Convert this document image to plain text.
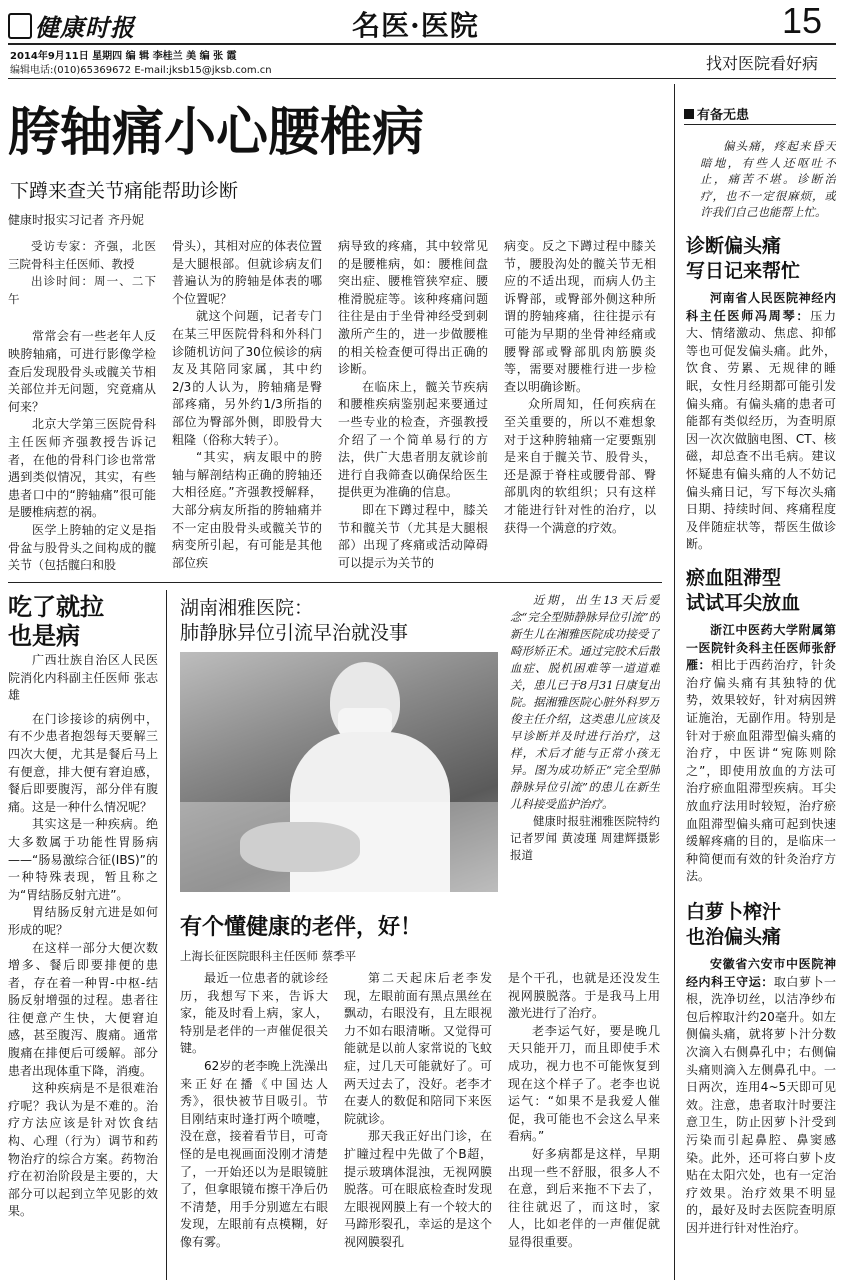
健康时报	名医·医院	15
2014年9月11日 星期四 编 辑 李桂兰 美 编 张 霞
编辑电话:(010)65369672 E-mail:jksb15@jksb.com.cn	找对医院看好病
胯轴痛小心腰椎病
下蹲来查关节痛能帮助诊断
健康时报实习记者 齐丹妮

受访专家：齐强，北医三院骨科主任医师、教授

出诊时间：周一、二下午

常常会有一些老年人反映胯轴痛，可进行影像学检查后发现股骨头或髋关节相关部位并无问题，究竟痛从何来？

北京大学第三医院骨科主任医师齐强教授告诉记者，在他的骨科门诊也常常遇到类似情况，其实，有些患者口中的“胯轴痛”很可能是腰椎病惹的祸。

医学上胯轴的定义是指骨盆与股骨头之间构成的髋关节（包括髋臼和股

骨头），其相对应的体表位置是大腿根部。但就诊病友们普遍认为的胯轴是体表的哪个位置呢？

就这个问题，记者专门在某三甲医院骨科和外科门诊随机访问了30位候诊的病友及其陪同家属，其中约2/3的人认为，胯轴痛是臀部疼痛，另外约1/3所指的部位为臀部外侧，即股骨大粗隆（俗称大转子）。

“其实，病友眼中的胯轴与解剖结构正确的胯轴还大相径庭。”齐强教授解释，大部分病友所指的胯轴痛并不一定由股骨头或髋关节的病变所引起，有可能是其他部位疾

病导致的疼痛，其中较常见的是腰椎病，如：腰椎间盘突出症、腰椎管狭窄症、腰椎滑脱症等。该种疼痛问题往往是由于坐骨神经受到刺激所产生的，进一步做腰椎的相关检查便可得出正确的诊断。

在临床上，髋关节疾病和腰椎疾病鉴别起来要通过一些专业的检查，齐强教授介绍了一个简单易行的方法，供广大患者朋友就诊前进行自我筛查以确保给医生提供更为准确的信息。

即在下蹲过程中，膝关节和髋关节（尤其是大腿根部）出现了疼痛或活动障碍可以提示为关节的

病变。反之下蹲过程中膝关节，腰股沟处的髋关节无相应的不适出现，而病人仍主诉臀部，或臀部外侧这种所谓的胯轴疼痛，往往提示有可能为早期的坐骨神经痛或腰臀部或臀部肌肉筋膜炎等，需要对腰椎行进一步检查以明确诊断。

众所周知，任何疾病在至关重要的，所以不难想象对于这种胯轴痛一定要甄别是来自于髋关节、股骨头，还是源于脊柱或腰骨部、臀部肌肉的软组织；只有这样才能进行针对性的治疗，以获得一个满意的疗效。

吃了就拉
也是病

广西壮族自治区人民医院消化内科副主任医师 张志雄

在门诊接诊的病例中，有不少患者抱怨每天要解三四次大便，尤其是餐后马上有便意，排大便有窘迫感，餐后即要腹泻，部分伴有腹痛。这是一种什么情况呢？

其实这是一种疾病。绝大多数属于功能性胃肠病——“肠易激综合征(IBS)”的一种特殊表现，暂且称之为“胃结肠反射亢进”。

胃结肠反射亢进是如何形成的呢？

在这样一部分大便次数增多、餐后即要排便的患者，存在着一种胃-中枢-结肠反射增强的过程。患者往往便意产生快，大便窘迫感，甚至腹泻、腹痛。通常腹痛在排便后可缓解。部分患者出现体重下降，消瘦。

这种疾病是不是很难治疗呢？我认为是不难的。治疗方法应该是针对饮食结构、心理（行为）调节和药物治疗的综合方案。药物治疗在初治阶段是主要的，大部分可以起到立竿见影的效果。

湖南湘雅医院：
肺静脉异位引流早治就没事

近期，出生13天后爱念“完全型肺静脉异位引流”的新生儿在湘雅医院成功接受了畸形矫正术。通过完胶术后散血症、脱机困难等一道道难关，患儿已于8月31日康复出院。据湘雅医院心脏外科罗万俊主任介绍，这类患儿应该及早诊断并及时进行治疗，这样，术后才能与正常小孩无异。图为成功矫正“完全型肺静脉异位引流”的患儿在新生儿科接受监护治疗。

健康时报驻湘雅医院特约记者罗闻 黄凌瑾 周建辉摄影报道

有个懂健康的老伴，好！
上海长征医院眼科主任医师 蔡季平

最近一位患者的就诊经历，我想写下来，告诉大家，能及时看上病，家人，特别是老伴的一声催促很关键。

62岁的老李晚上洗澡出来正好在播《中国达人秀》，很快被节目吸引。节目刚结束时逢打两个喷嚏，没在意，接着看节目，可奇怪的是电视画面没刚才清楚了，一开始还以为是眼镜脏了，但拿眼镜布擦干净后仍不清楚，用手分别遮左右眼发现，左眼前有点模糊，好像有雾。

第二天起床后老李发现，左眼前面有黑点黑丝在飘动，右眼没有，且左眼视力不如右眼清晰。又觉得可能就是以前人家常说的飞蚊症，过几天可能就好了。可两天过去了，没好。老李才在妻人的数促和陪同下来医院就诊。

那天我正好出门诊，在扩瞳过程中先做了个B超，提示玻璃体混浊，无视网膜脱落。可在眼底检查时发现左眼视网膜上有一个较大的马蹄形裂孔，幸运的是这个视网膜裂孔

是个干孔，也就是还没发生视网膜脱落。于是我马上用激光进行了治疗。

老李运气好，要是晚几天只能开刀，而且即使手术成功，视力也不可能恢复到现在这个样子了。老李也说运气：“如果不是我爱人催促，我可能也不会这么早来看病。”

好多病都是这样，早期出现一些不舒服，很多人不在意，到后来拖不下去了，往往就迟了，而这时，家人，比如老伴的一声催促就显得很重要。

有备无患

偏头痛，疼起来昏天暗地，有些人还呕吐不止，痛苦不堪。诊断治疗，也不一定很麻烦，或许我们自己也能帮上忙。

诊断偏头痛
写日记来帮忙

河南省人民医院神经内科主任医师冯周琴：压力大、情绪激动、焦虑、抑郁等也可促发偏头痛。此外，饮食、劳累、无规律的睡眠，女性月经期都可能引发偏头痛。有偏头痛的患者可能都有类似经历，为查明原因一次次做脑电图、CT、核磁，却总查不出毛病。建议怀疑患有偏头痛的人不妨记偏头痛日记，写下每次头痛日期、持续时间、疼痛程度及伴随症状等，帮医生做诊断。

瘀血阻滞型
试试耳尖放血

浙江中医药大学附属第一医院针灸科主任医师张舒雁：相比于西药治疗，针灸治疗偏头痛有其独特的优势，效果较好，针对病因辨证施治，无副作用。特别是针对于瘀血阻滞型偏头痛的治疗，中医讲“宛陈则除之”，即使用放血的方法可治疗瘀血阻滞型疾病。耳尖放血疗法用时较短，治疗瘀血阻滞型偏头痛可起到快速缓解疼痛的目的，是临床一种简便而有效的针灸治疗方法。

白萝卜榨汁
也治偏头痛

安徽省六安市中医院神经内科王守运：取白萝卜一根，洗净切丝，以洁净纱布包后榨取汁约20毫升。如左侧偏头痛，就将萝卜汁分数次滴入右侧鼻孔中；右侧偏头痛则滴入左侧鼻孔中。一日两次，连用4~5天即可见效。注意，患者取汁时要注意卫生，防止因萝卜汁受到污染而引起鼻腔、鼻窦感染。此外，还可将白萝卜皮贴在太阳穴处，也有一定治疗效果。治疗效果不明显的，最好及时去医院查明原因并进行针对性治疗。
